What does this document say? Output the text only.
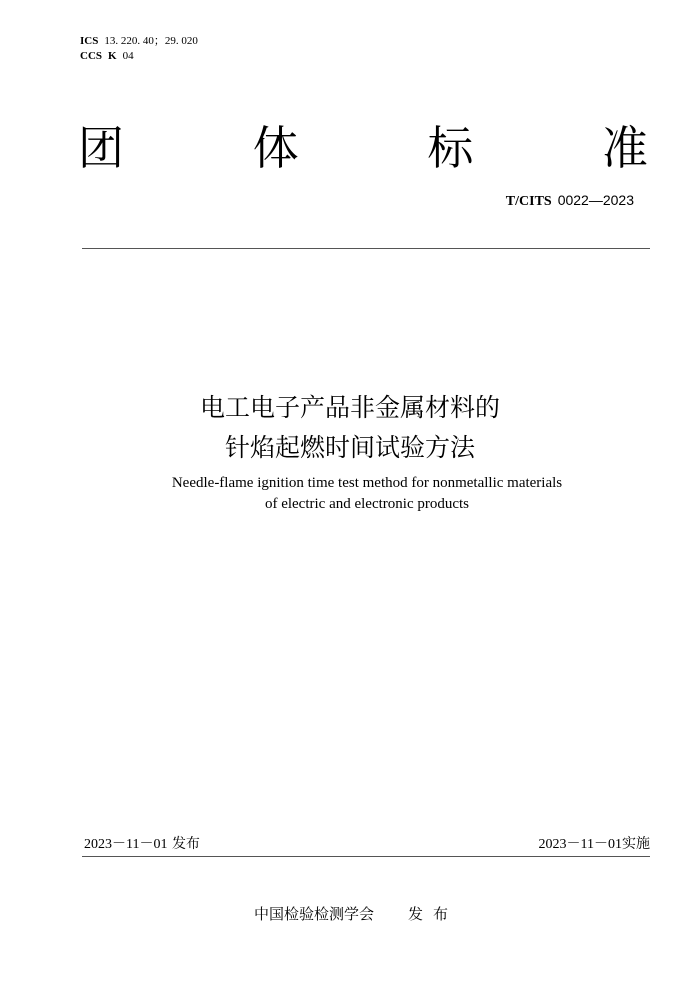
ICS 13. 220. 40；29. 020
CCS K 04
团	体	标	准
T/CITS 0022—2023
电工电子产品非金属材料的
针焰起燃时间试验方法
Needle-flame ignition time test method for nonmetallic materials
of electric and electronic products
2023－11－01 发布	2023－11－01实施
中国检验检测学会 发布
